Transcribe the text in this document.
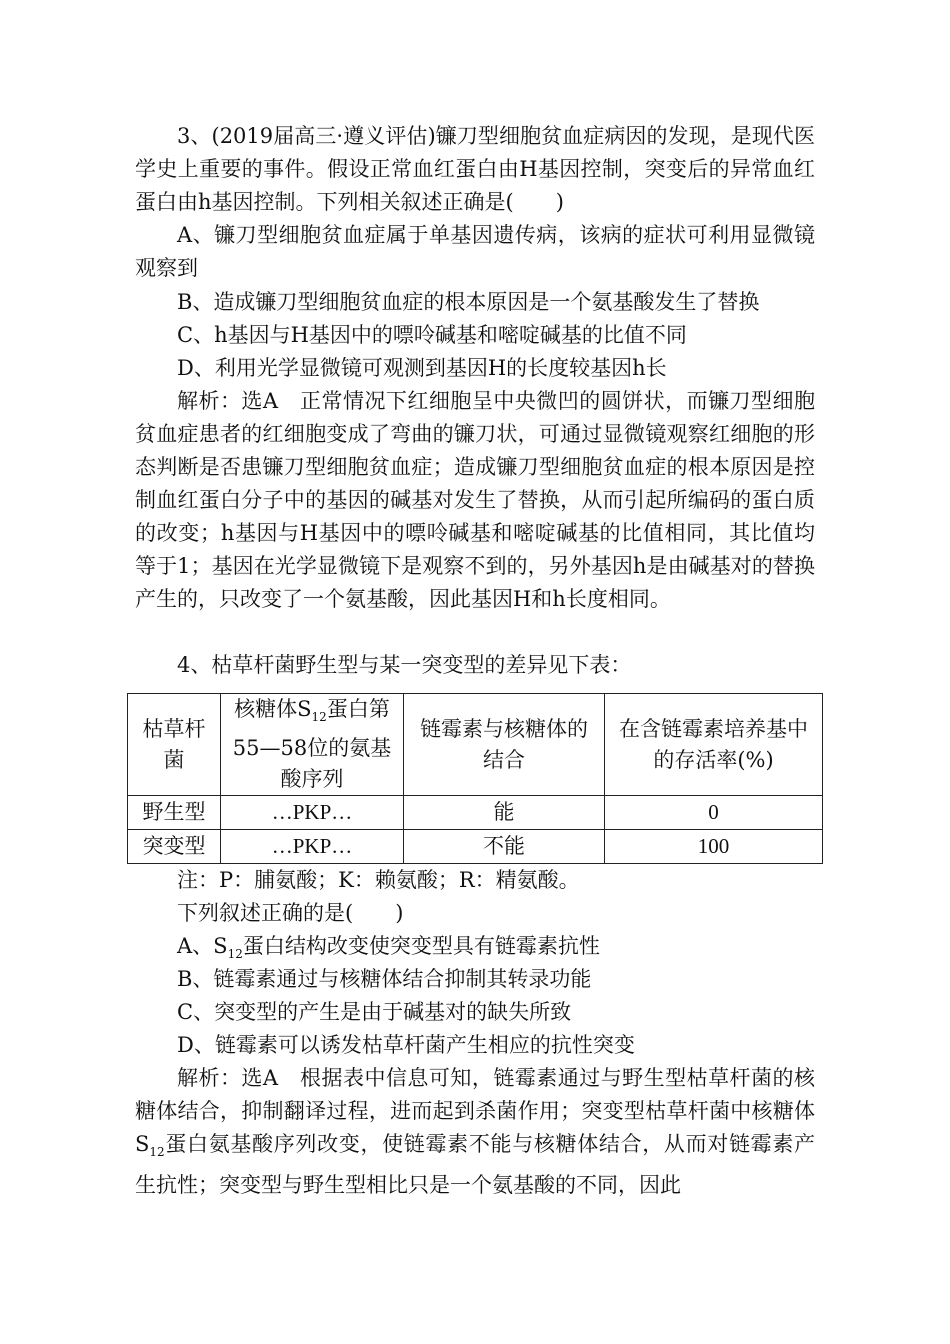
3、(2019届高三·遵义评估)镰刀型细胞贫血症病因的发现，是现代医学史上重要的事件。假设正常血红蛋白由H基因控制，突变后的异常血红蛋白由h基因控制。下列相关叙述正确是(　　)

A、镰刀型细胞贫血症属于单基因遗传病，该病的症状可利用显微镜观察到

B、造成镰刀型细胞贫血症的根本原因是一个氨基酸发生了替换

C、h基因与H基因中的嘌呤碱基和嘧啶碱基的比值不同

D、利用光学显微镜可观测到基因H的长度较基因h长

解析：选A　正常情况下红细胞呈中央微凹的圆饼状，而镰刀型细胞贫血症患者的红细胞变成了弯曲的镰刀状，可通过显微镜观察红细胞的形态判断是否患镰刀型细胞贫血症；造成镰刀型细胞贫血症的根本原因是控制血红蛋白分子中的基因的碱基对发生了替换，从而引起所编码的蛋白质的改变；h基因与H基因中的嘌呤碱基和嘧啶碱基的比值相同，其比值均等于1；基因在光学显微镜下是观察不到的，另外基因h是由碱基对的替换产生的，只改变了一个氨基酸，因此基因H和h长度相同。

4、枯草杆菌野生型与某一突变型的差异见下表：

枯草杆菌	核糖体$S_{12}$蛋白第55—58位的氨基酸序列	链霉素与核糖体的结合	在含链霉素培养基中的存活率(%)
野生型	…PKP…	能	0
突变型	…PKP…	不能	100

注：P：脯氨酸；K：赖氨酸；R：精氨酸。

下列叙述正确的是(　　)

A、$S_{12}$蛋白结构改变使突变型具有链霉素抗性

B、链霉素通过与核糖体结合抑制其转录功能

C、突变型的产生是由于碱基对的缺失所致

D、链霉素可以诱发枯草杆菌产生相应的抗性突变

解析：选A　根据表中信息可知，链霉素通过与野生型枯草杆菌的核糖体结合，抑制翻译过程，进而起到杀菌作用；突变型枯草杆菌中核糖体$S_{12}$蛋白氨基酸序列改变，使链霉素不能与核糖体结合，从而对链霉素产生抗性；突变型与野生型相比只是一个氨基酸的不同，因此
